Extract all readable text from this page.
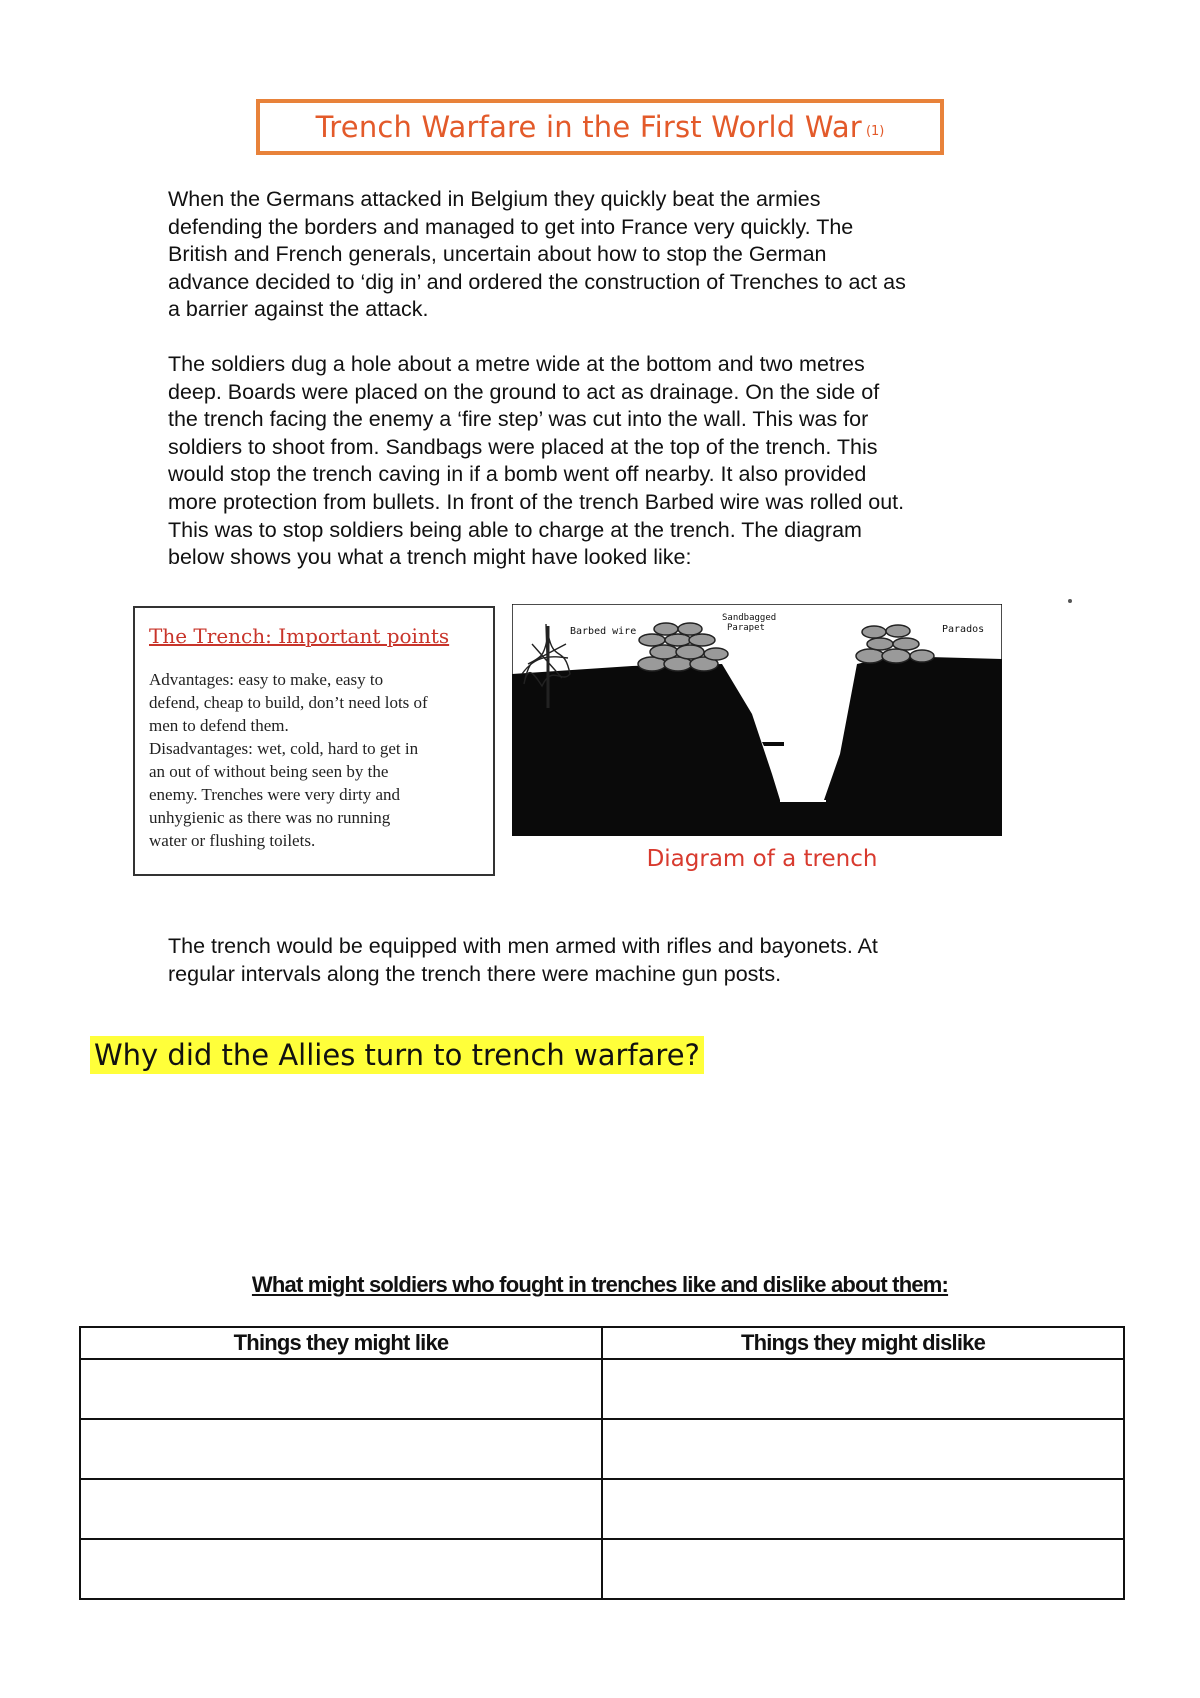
Trench Warfare in the First World War (1)

When the Germans attacked in Belgium they quickly beat the armies
defending the borders and managed to get into France very quickly. The
British and French generals, uncertain about how to stop the German
advance decided to ‘dig in’ and ordered the construction of Trenches to act as
a barrier against the attack.

The soldiers dug a hole about a metre wide at the bottom and two metres
deep. Boards were placed on the ground to act as drainage. On the side of
the trench facing the enemy a ‘fire step’ was cut into the wall. This was for
soldiers to shoot from. Sandbags were placed at the top of the trench. This
would stop the trench caving in if a bomb went off nearby. It also provided
more protection from bullets. In front of the trench Barbed wire was rolled out.
This was to stop soldiers being able to charge at the trench. The diagram
below shows you what a trench might have looked like:

The Trench: Important points

Advantages: easy to make, easy to
defend, cheap to build, don’t need lots of
men to defend them.
Disadvantages: wet, cold, hard to get in
an out of without being seen by the
enemy. Trenches were very dirty and
unhygienic as there was no running
water or flushing toilets.

Barbed wire
Sandbagged
Parapet	Parados
Fire step
Duck
Boards
Diagram of a trench

The trench would be equipped with men armed with rifles and bayonets. At
regular intervals along the trench there were machine gun posts.

Why did the Allies turn to trench warfare?
What might soldiers who fought in trenches like and dislike about them:
Things they might like	Things they might dislike
